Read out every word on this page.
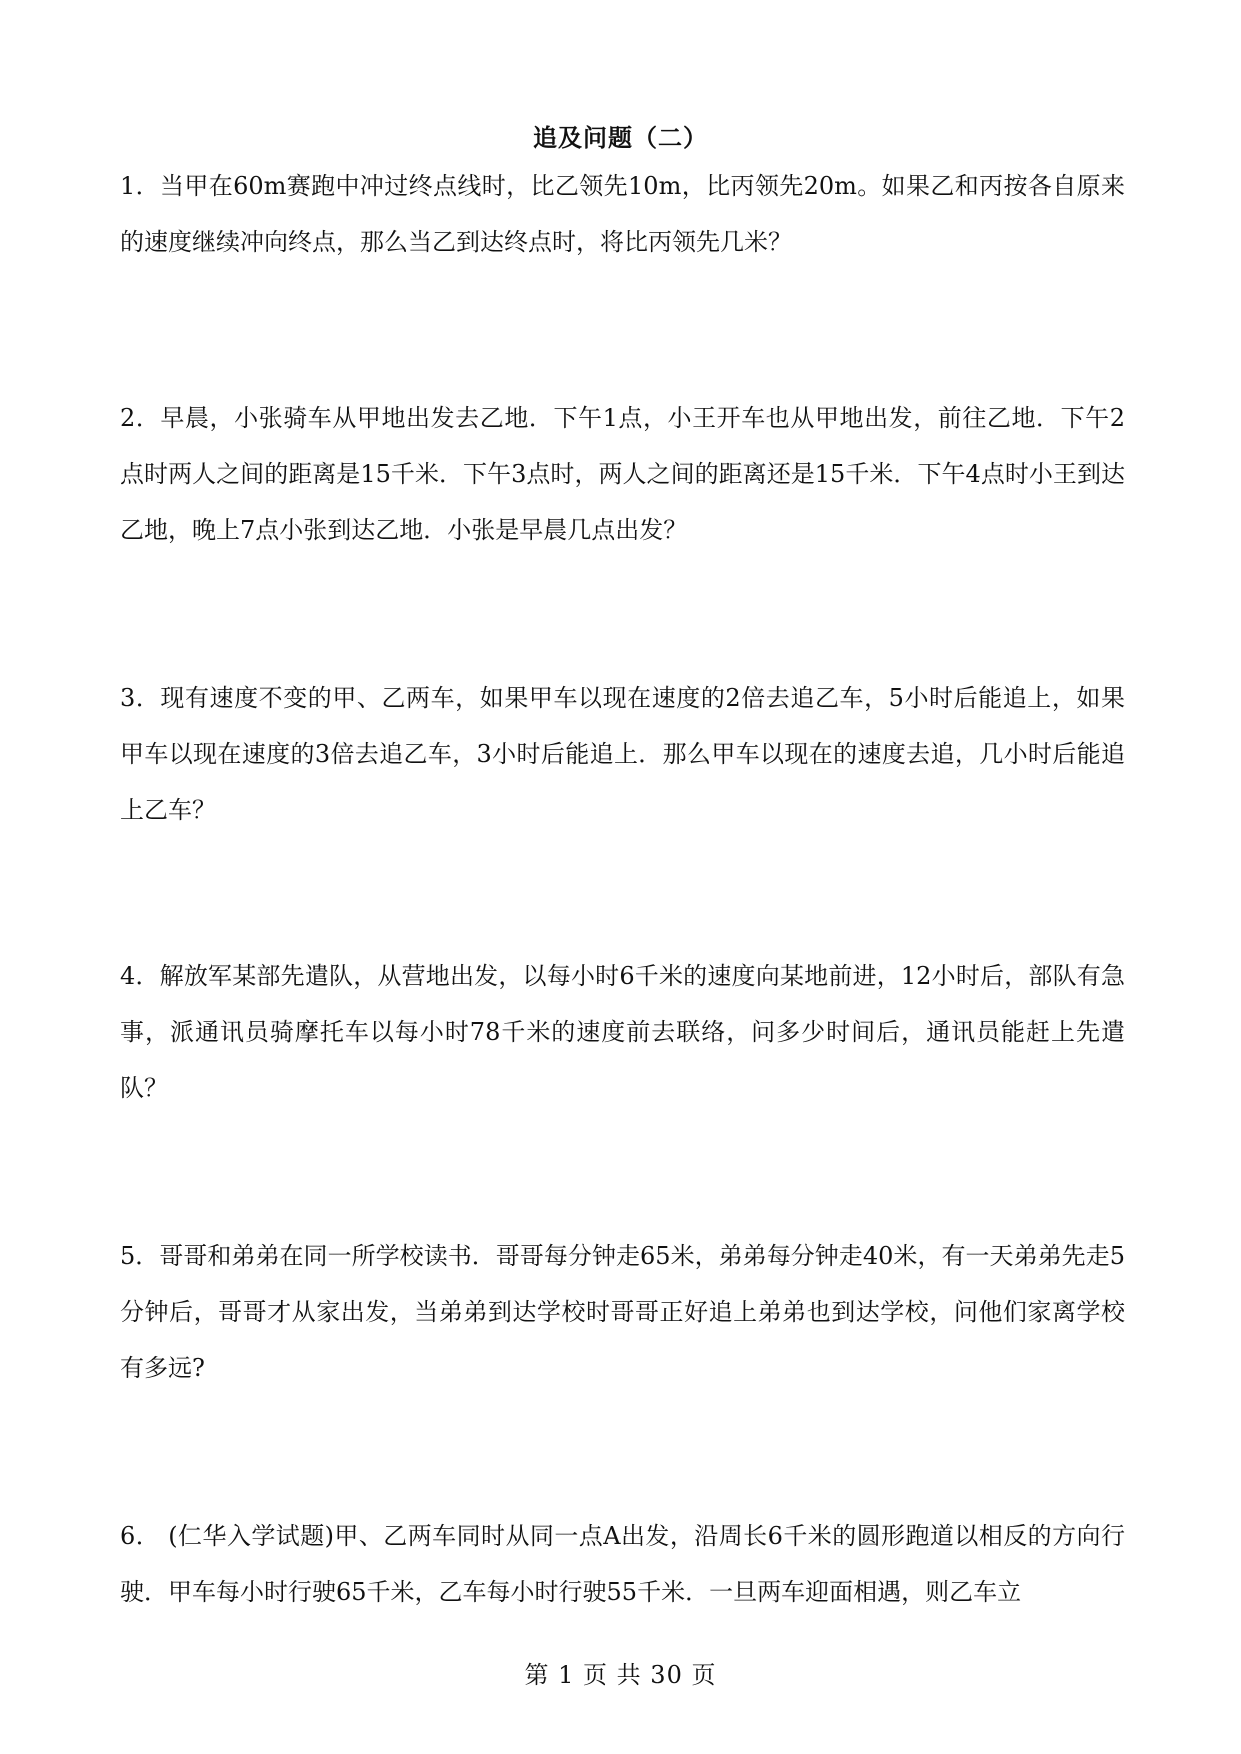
追及问题（二）

1．当甲在60m赛跑中冲过终点线时，比乙领先10m，比丙领先20m。如果乙和丙按各自原来的速度继续冲向终点，那么当乙到达终点时，将比丙领先几米？

2．早晨，小张骑车从甲地出发去乙地．下午1点，小王开车也从甲地出发，前往乙地．下午2点时两人之间的距离是15千米．下午3点时，两人之间的距离还是15千米．下午4点时小王到达乙地，晚上7点小张到达乙地．小张是早晨几点出发？

3．现有速度不变的甲、乙两车，如果甲车以现在速度的2倍去追乙车，5小时后能追上，如果甲车以现在速度的3倍去追乙车，3小时后能追上．那么甲车以现在的速度去追，几小时后能追上乙车？

4．解放军某部先遣队，从营地出发，以每小时6千米的速度向某地前进，12小时后，部队有急事，派通讯员骑摩托车以每小时78千米的速度前去联络，问多少时间后，通讯员能赶上先遣队？

5．哥哥和弟弟在同一所学校读书．哥哥每分钟走65米，弟弟每分钟走40米，有一天弟弟先走5分钟后，哥哥才从家出发，当弟弟到达学校时哥哥正好追上弟弟也到达学校，问他们家离学校有多远?

6． (仁华入学试题)甲、乙两车同时从同一点A出发，沿周长6千米的圆形跑道以相反的方向行驶．甲车每小时行驶65千米，乙车每小时行驶55千米．一旦两车迎面相遇，则乙车立

第 1 页 共 30 页
